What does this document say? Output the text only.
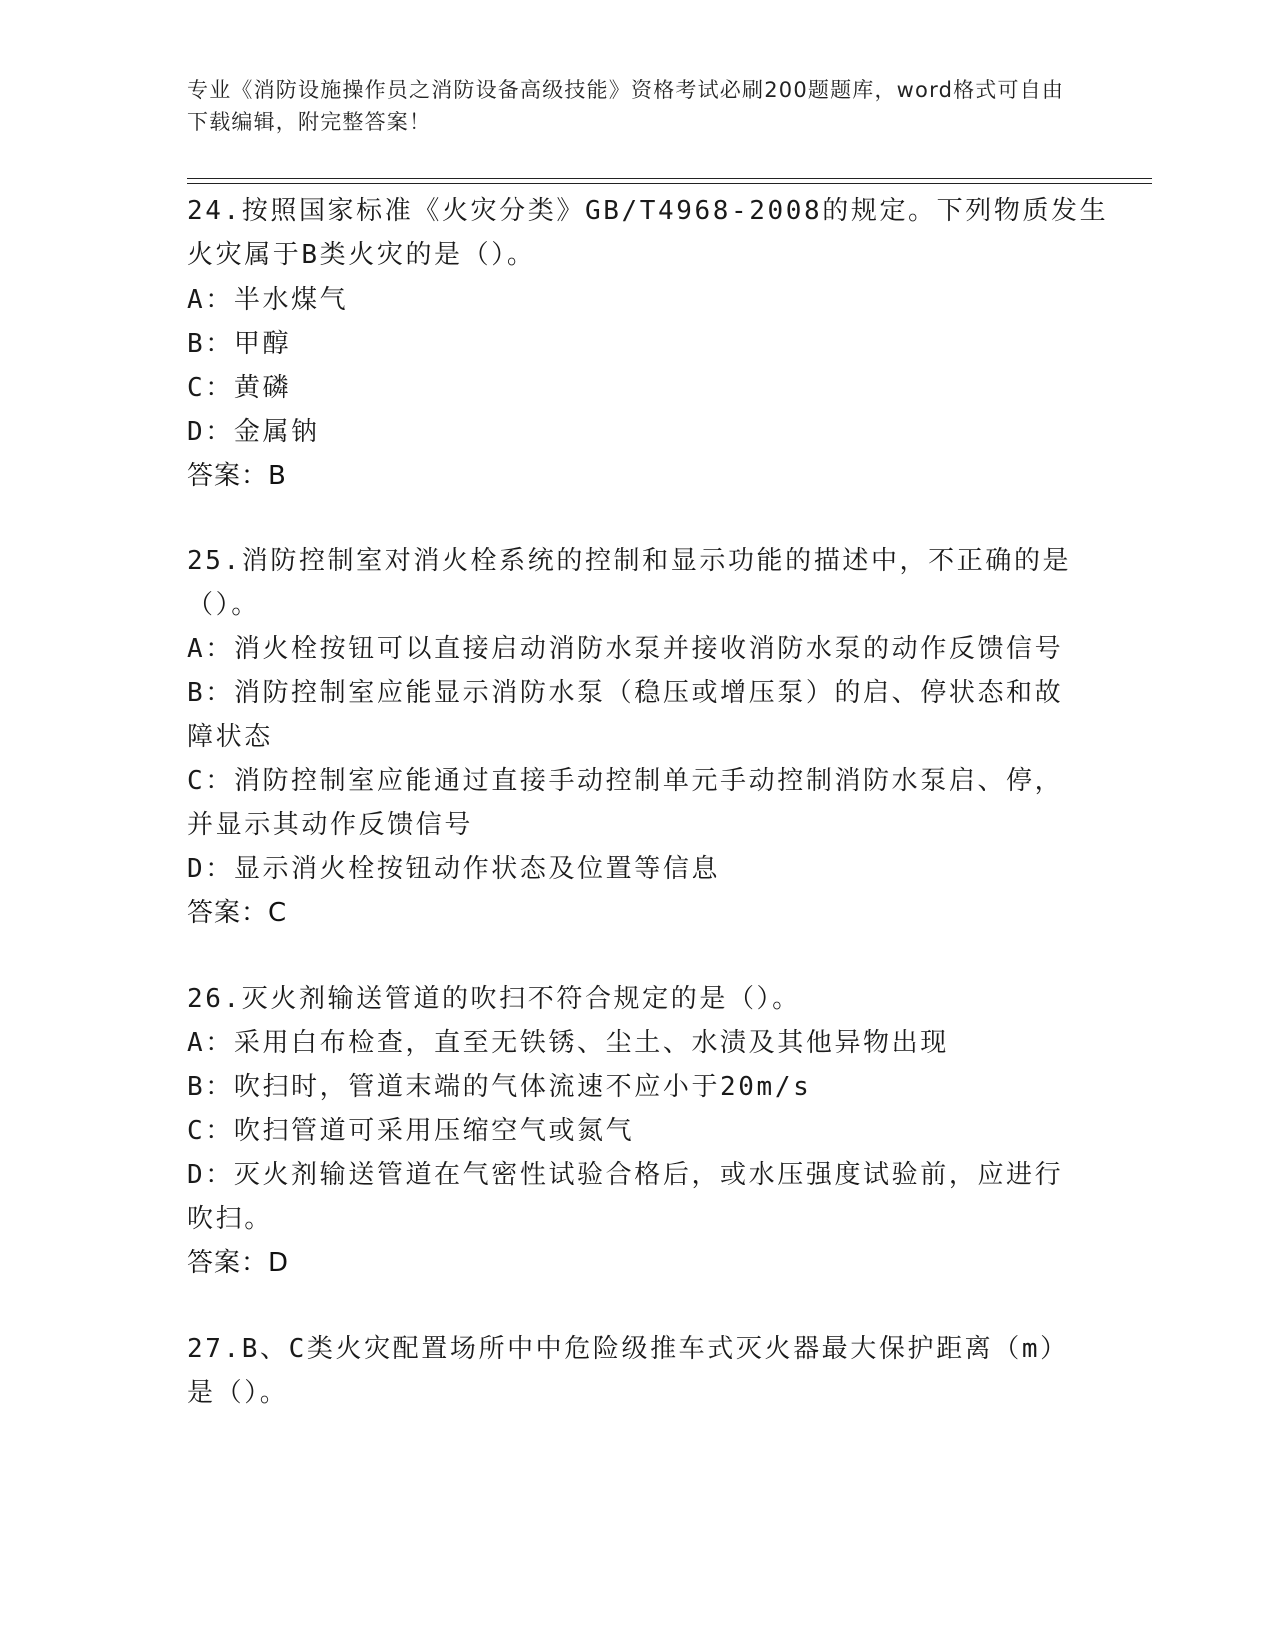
专业《消防设施操作员之消防设备高级技能》资格考试必刷200题题库，word格式可自由下载编辑，附完整答案！
24.按照国家标准《火灾分类》GB/T4968-2008的规定。下列物质发生
火灾属于B类火灾的是（）。
A：半水煤气
B：甲醇
C：黄磷
D：金属钠
答案：B
25.消防控制室对消火栓系统的控制和显示功能的描述中，不正确的是
（）。
A：消火栓按钮可以直接启动消防水泵并接收消防水泵的动作反馈信号
B：消防控制室应能显示消防水泵（稳压或增压泵）的启、停状态和故
障状态
C：消防控制室应能通过直接手动控制单元手动控制消防水泵启、停，
并显示其动作反馈信号
D：显示消火栓按钮动作状态及位置等信息
答案：C
26.灭火剂输送管道的吹扫不符合规定的是（）。
A：采用白布检查，直至无铁锈、尘土、水渍及其他异物出现
B：吹扫时，管道末端的气体流速不应小于20m/s
C：吹扫管道可采用压缩空气或氮气
D：灭火剂输送管道在气密性试验合格后，或水压强度试验前，应进行
吹扫。
答案：D
27.B、C类火灾配置场所中中危险级推车式灭火器最大保护距离（m）
是（）。
